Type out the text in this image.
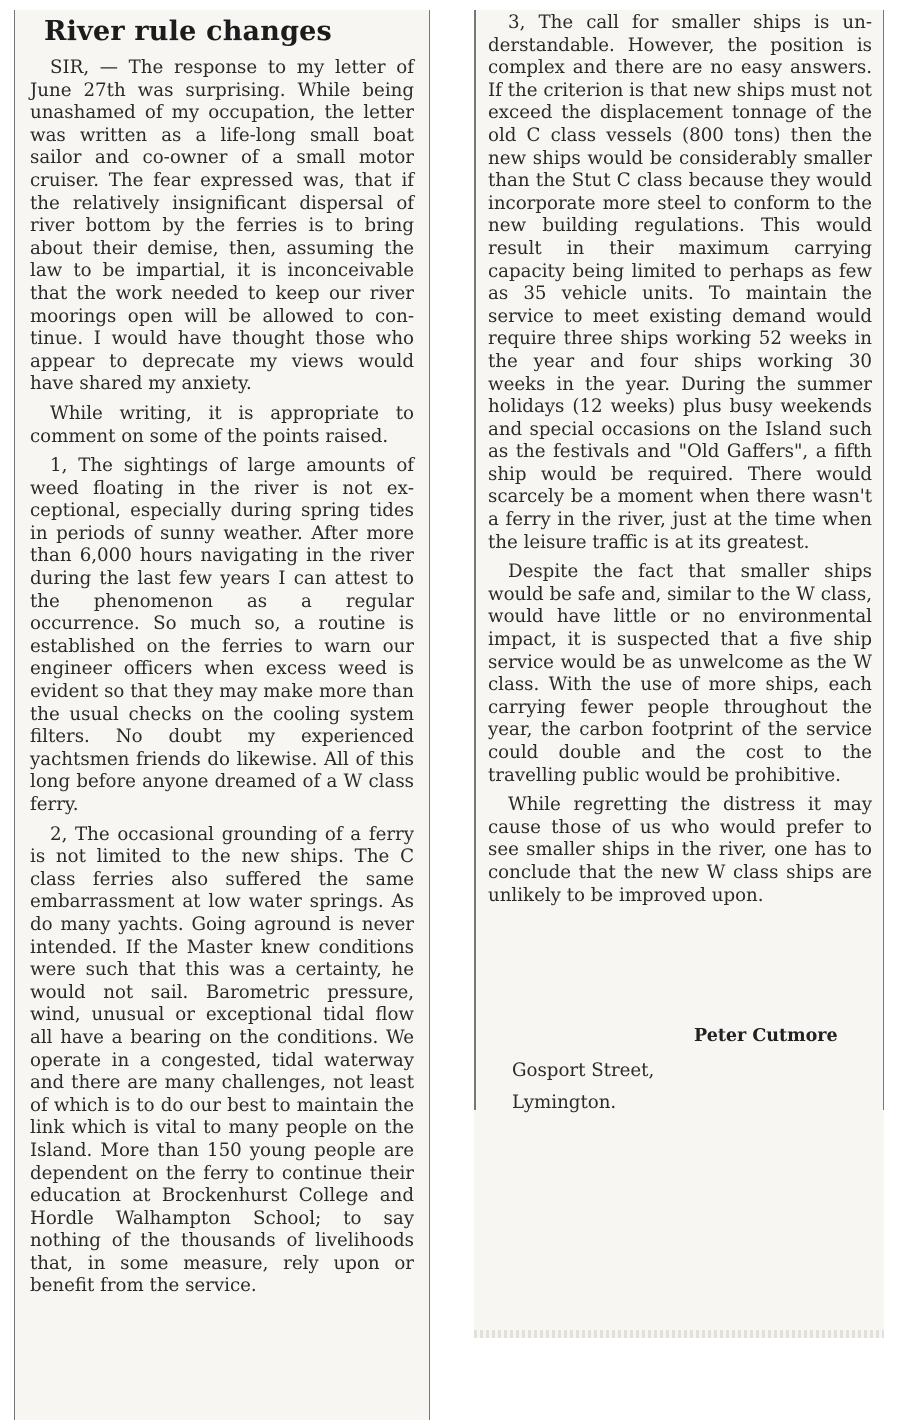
River rule changes

SIR, — The response to my letter of June 27th was surprising. While being unashamed of my occupation, the letter was written as a life-long small boat sailor and co-owner of a small motor cruiser. The fear expressed was, that if the relatively insignificant dispersal of river bottom by the ferries is to bring about their demise, then, assuming the law to be impartial, it is inconceivable that the work needed to keep our river moorings open will be allowed to continue. I would have thought those who appear to deprecate my views would have shared my anxiety.

While writing, it is appropriate to comment on some of the points raised.

1, The sightings of large amounts of weed floating in the river is not exceptional, especially during spring tides in periods of sunny weather. After more than 6,000 hours navigating in the river during the last few years I can attest to the phenomenon as a regular occurrence. So much so, a routine is established on the ferries to warn our engineer officers when excess weed is evident so that they may make more than the usual checks on the cooling system filters. No doubt my experienced yachtsmen friends do likewise. All of this long before anyone dreamed of a W class ferry.

2, The occasional grounding of a ferry is not limited to the new ships. The C class ferries also suffered the same embarrassment at low water springs. As do many yachts. Going aground is never intended. If the Master knew conditions were such that this was a certainty, he would not sail. Barometric pressure, wind, unusual or exceptional tidal flow all have a bearing on the conditions. We operate in a congested, tidal waterway and there are many challenges, not least of which is to do our best to maintain the link which is vital to many people on the Island. More than 150 young people are dependent on the ferry to continue their education at Brockenhurst College and Hordle Walhampton School; to say nothing of the thousands of livelihoods that, in some measure, rely upon or benefit from the service.

3, The call for smaller ships is understandable. However, the position is complex and there are no easy answers. If the criterion is that new ships must not exceed the displacement tonnage of the old C class vessels (800 tons) then the new ships would be considerably smaller than the Stut C class because they would incorporate more steel to conform to the new building regulations. This would result in their maximum carrying capacity being limited to perhaps as few as 35 vehicle units. To maintain the service to meet existing demand would require three ships working 52 weeks in the year and four ships working 30 weeks in the year. During the summer holidays (12 weeks) plus busy weekends and special occasions on the Island such as the festivals and "Old Gaffers", a fifth ship would be required. There would scarcely be a moment when there wasn't a ferry in the river, just at the time when the leisure traffic is at its greatest.

Despite the fact that smaller ships would be safe and, similar to the W class, would have little or no environmental impact, it is suspected that a five ship service would be as unwelcome as the W class. With the use of more ships, each carrying fewer people throughout the year, the carbon footprint of the service could double and the cost to the travelling public would be prohibitive.

While regretting the distress it may cause those of us who would prefer to see smaller ships in the river, one has to conclude that the new W class ships are unlikely to be improved upon.

Peter Cutmore
Gosport Street,
Lymington.
